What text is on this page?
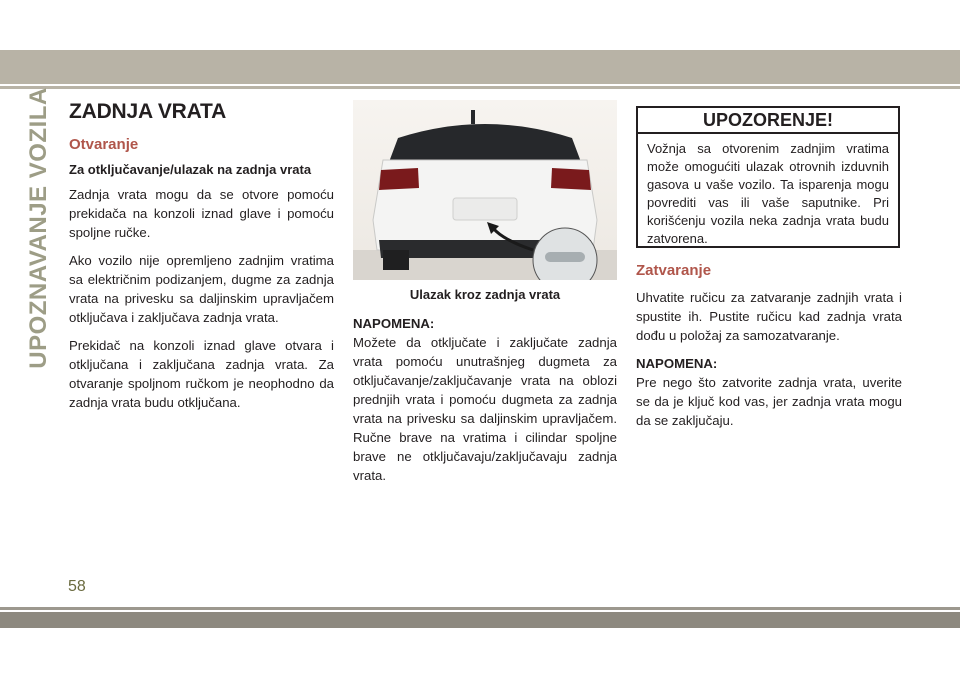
UPOZNAVANJE VOZILA ZADNJA VRATA
Otvaranje
Za otključavanje/ulazak na zadnja vrata

Zadnja vrata mogu da se otvore pomoću prekidača na konzoli iznad glave i pomoću spoljne ručke.

Ako vozilo nije opremljeno zadnjim vratima sa električnim podizanjem, dugme za zadnja vrata na privesku sa daljinskim upravljačem otključava i zaključava zadnja vrata.

Prekidač na konzoli iznad glave otvara i otključana i zaključana zadnja vrata. Za otvaranje spoljnom ručkom je neophodno da zadnja vrata budu otključana.

Ulazak kroz zadnja vrata
NAPOMENA:

Možete da otključate i zaključate zadnja vrata pomoću unutrašnjeg dugmeta za otključavanje/zaključavanje vrata na oblozi prednjih vrata i pomoću dugmeta za zadnja vrata na privesku sa daljinskim upravljačem. Ručne brave na vratima i cilindar spoljne brave ne otključavaju/zaključavaju zadnja vrata.

UPOZORENJE!
Vožnja sa otvorenim zadnjim vratima može omogućiti ulazak otrovnih izduvnih gasova u vaše vozilo. Ta isparenja mogu povrediti vas ili vaše saputnike. Pri korišćenju vozila neka zadnja vrata budu zatvorena.
Zatvaranje

Uhvatite ručicu za zatvaranje zadnjih vrata i spustite ih. Pustite ručicu kad zadnja vrata dođu u položaj za samozatvaranje.

NAPOMENA:

Pre nego što zatvorite zadnja vrata, uverite se da je ključ kod vas, jer zadnja vrata mogu da se zaključaju.

58
